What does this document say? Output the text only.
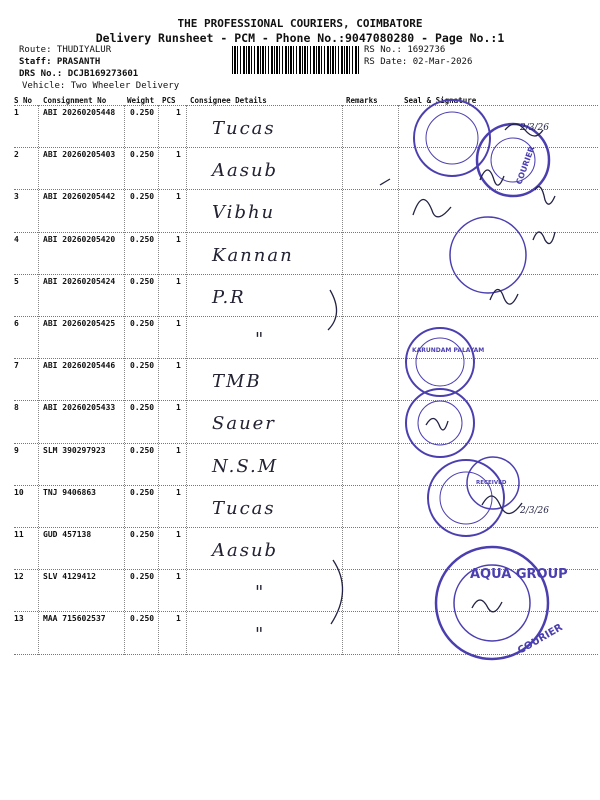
THE PROFESSIONAL COURIERS, COIMBATORE
Delivery Runsheet - PCM - Phone No.:9047080280 - Page No.:1
Route: THUDIYALUR
Staff: PRASANTH
DRS No.: DCJB169273601
Vehicle: Two Wheeler Delivery
RS No.: 1692736
RS Date: 02-Mar-2026
S No Consignment No	Weight PCS Consignee Details	Remarks	Seal & Signature
1	ABI 20260205448 0.250	1
Tucas
2	ABI 20260205403 0.250	1
Aasub
3	ABI 20260205442 0.250	1
Vibhu
4	ABI 20260205420 0.250	1
Kannan
5	ABI 20260205424 0.250	1
P.R
6	ABI 20260205425 0.250	1
"
7	ABI 20260205446 0.250	1
TMB
8	ABI 20260205433 0.250	1
Sauer
9	SLM 390297923	0.250	1
N.S.M
10 TNJ 9406863	0.250	1
Tucas
11 GUD 457138	0.250	1
Aasub
12 SLV 4129412	0.250	1
"
13 MAA 715602537	0.250	1
"
AQUA GROUP
COURIER
COURIER
KARUNDAM PALAYAM
RECEIVED
2/3/26
2/3/26
